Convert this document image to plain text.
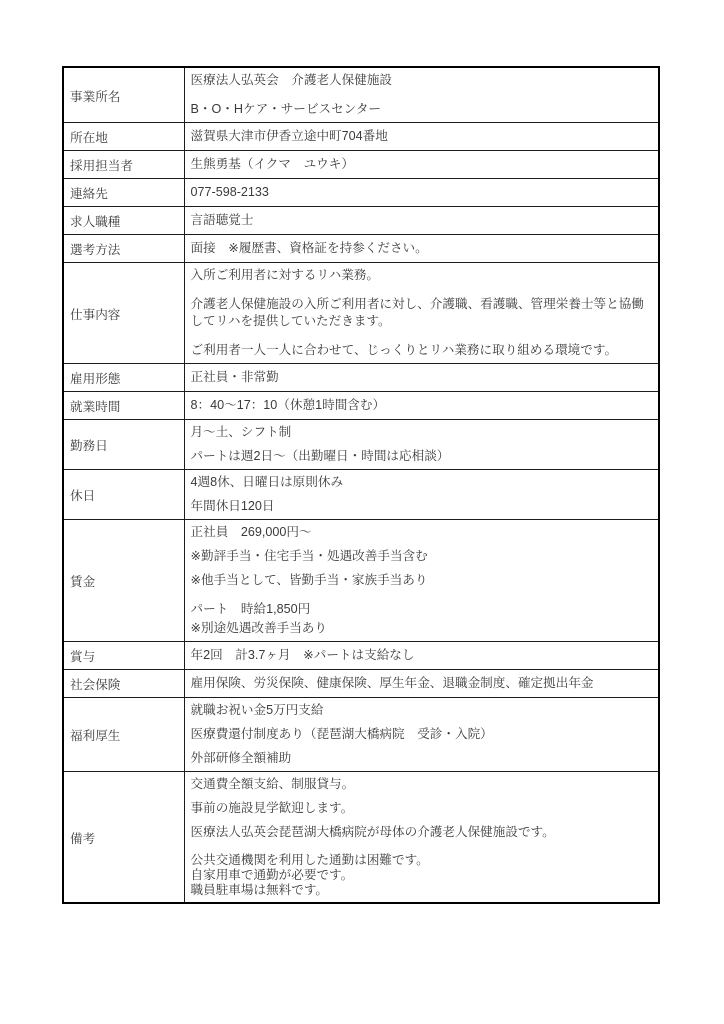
事業所名	医療法人弘英会　介護老人保健施設
B・O・Hケア・サービスセンター

所在地	滋賀県大津市伊香立途中町704番地

採用担当者	生熊勇基（イクマ　ユウキ）

連絡先	077-598-2133

求人職種	言語聴覚士

選考方法	面接　※履歴書、資格証を持参ください。

仕事内容	入所ご利用者に対するリハ業務。
介護老人保健施設の入所ご利用者に対し、介護職、看護職、管理栄養士等と協働してリハを提供していただきます。
ご利用者一人一人に合わせて、じっくりとリハ業務に取り組める環境です。

雇用形態	正社員・非常勤

就業時間	8：40～17：10（休憩1時間含む）

勤務日	月～土、シフト制
パートは週2日～（出勤曜日・時間は応相談）

休日	4週8休、日曜日は原則休み
年間休日120日

賃金	正社員　269,000円～
※勤評手当・住宅手当・処遇改善手当含む
※他手当として、皆勤手当・家族手当あり
パート　時給1,850円
※別途処遇改善手当あり

賞与	年2回　計3.7ヶ月　※パートは支給なし

社会保険	雇用保険、労災保険、健康保険、厚生年金、退職金制度、確定拠出年金

福利厚生	就職お祝い金5万円支給
医療費還付制度あり（琵琶湖大橋病院　受診・入院）
外部研修全額補助

備考	
交通費全額支給、制服貸与。
事前の施設見学歓迎します。
医療法人弘英会琵琶湖大橋病院が母体の介護老人保健施設です。
公共交通機関を利用した通勤は困難です。
自家用車で通勤が必要です。
職員駐車場は無料です。
